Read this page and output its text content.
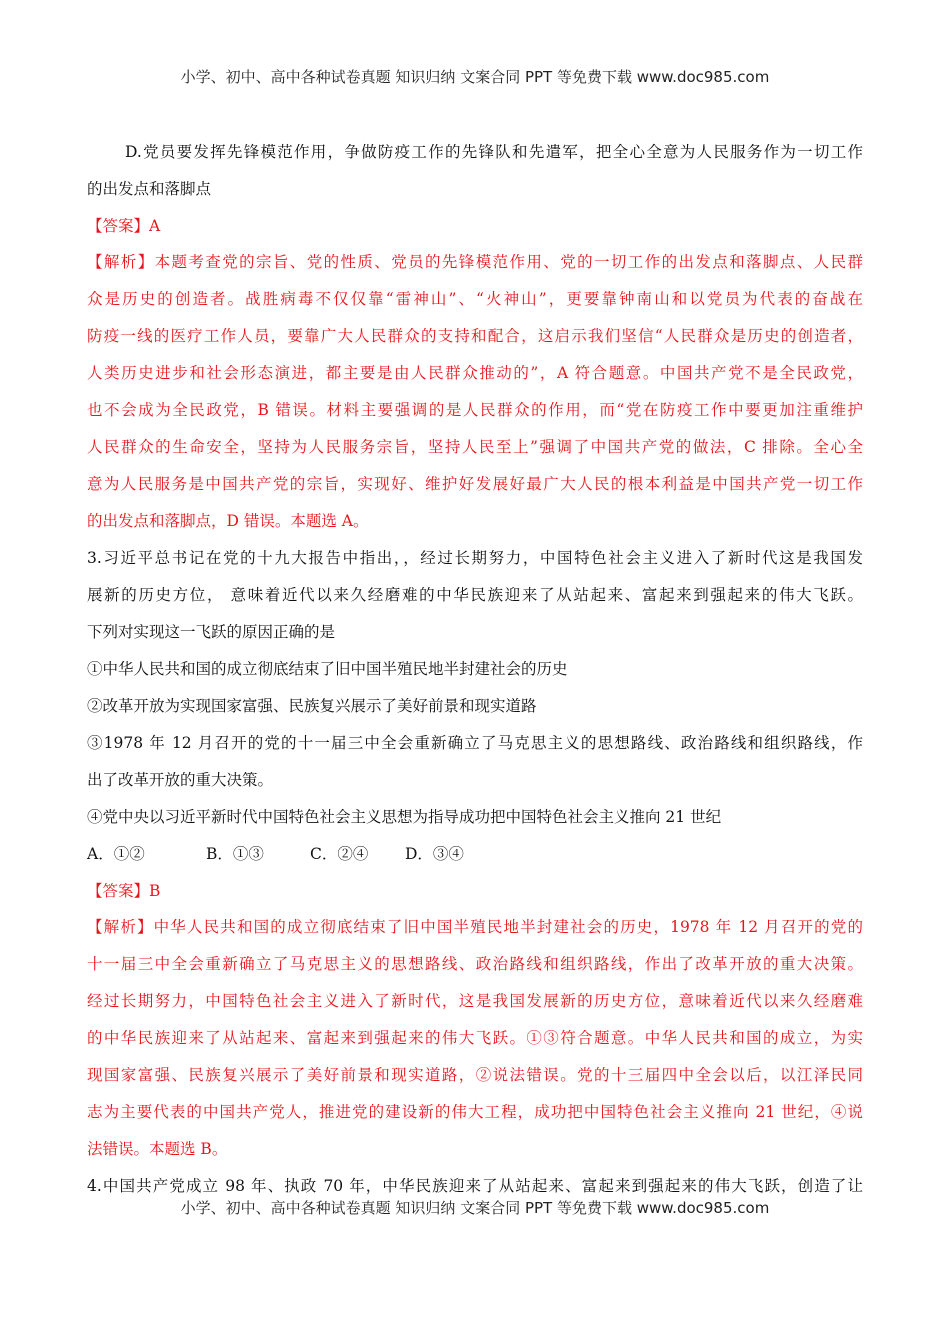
小学、初中、高中各种试卷真题 知识归纳 文案合同 PPT 等免费下载 www.doc985.com
D.党员要发挥先锋模范作用，争做防疫工作的先锋队和先遣军，把全心全意为人民服务作为一切工作
的出发点和落脚点
【答案】A
【解析】本题考查党的宗旨、党的性质、党员的先锋模范作用、党的一切工作的出发点和落脚点、人民群
众是历史的创造者。战胜病毒不仅仅靠“雷神山”、“火神山”，更要靠钟南山和以党员为代表的奋战在
防疫一线的医疗工作人员，要靠广大人民群众的支持和配合，这启示我们坚信“人民群众是历史的创造者，
人类历史进步和社会形态演进，都主要是由人民群众推动的”，A 符合题意。中国共产党不是全民政党，
也不会成为全民政党，B 错误。材料主要强调的是人民群众的作用，而“党在防疫工作中要更加注重维护
人民群众的生命安全，坚持为人民服务宗旨，坚持人民至上”强调了中国共产党的做法，C 排除。全心全
意为人民服务是中国共产党的宗旨，实现好、维护好发展好最广大人民的根本利益是中国共产党一切工作
的出发点和落脚点，D 错误。本题选 A。
3.习近平总书记在党的十九大报告中指出，，经过长期努力，中国特色社会主义进入了新时代这是我国发
展新的历史方位， 意味着近代以来久经磨难的中华民族迎来了从站起来、富起来到强起来的伟大飞跃。
下列对实现这一飞跃的原因正确的是
①中华人民共和国的成立彻底结束了旧中国半殖民地半封建社会的历史
②改革开放为实现国家富强、民族复兴展示了美好前景和现实道路
③1978 年 12 月召开的党的十一届三中全会重新确立了马克思主义的思想路线、政治路线和组织路线，作
出了改革开放的重大决策。
④党中央以习近平新时代中国特色社会主义思想为指导成功把中国特色社会主义推向 21 世纪
A．①②	B．①③	C．②④ D．③④
【答案】B
【解析】中华人民共和国的成立彻底结束了旧中国半殖民地半封建社会的历史，1978 年 12 月召开的党的
十一届三中全会重新确立了马克思主义的思想路线、政治路线和组织路线，作出了改革开放的重大决策。
经过长期努力，中国特色社会主义进入了新时代，这是我国发展新的历史方位，意味着近代以来久经磨难
的中华民族迎来了从站起来、富起来到强起来的伟大飞跃。①③符合题意。中华人民共和国的成立，为实
现国家富强、民族复兴展示了美好前景和现实道路，②说法错误。党的十三届四中全会以后，以江泽民同
志为主要代表的中国共产党人，推进党的建设新的伟大工程，成功把中国特色社会主义推向 21 世纪，④说
法错误。本题选 B。
4.中国共产党成立 98 年、执政 70 年，中华民族迎来了从站起来、富起来到强起来的伟大飞跃，创造了让
小学、初中、高中各种试卷真题 知识归纳 文案合同 PPT 等免费下载 www.doc985.com
